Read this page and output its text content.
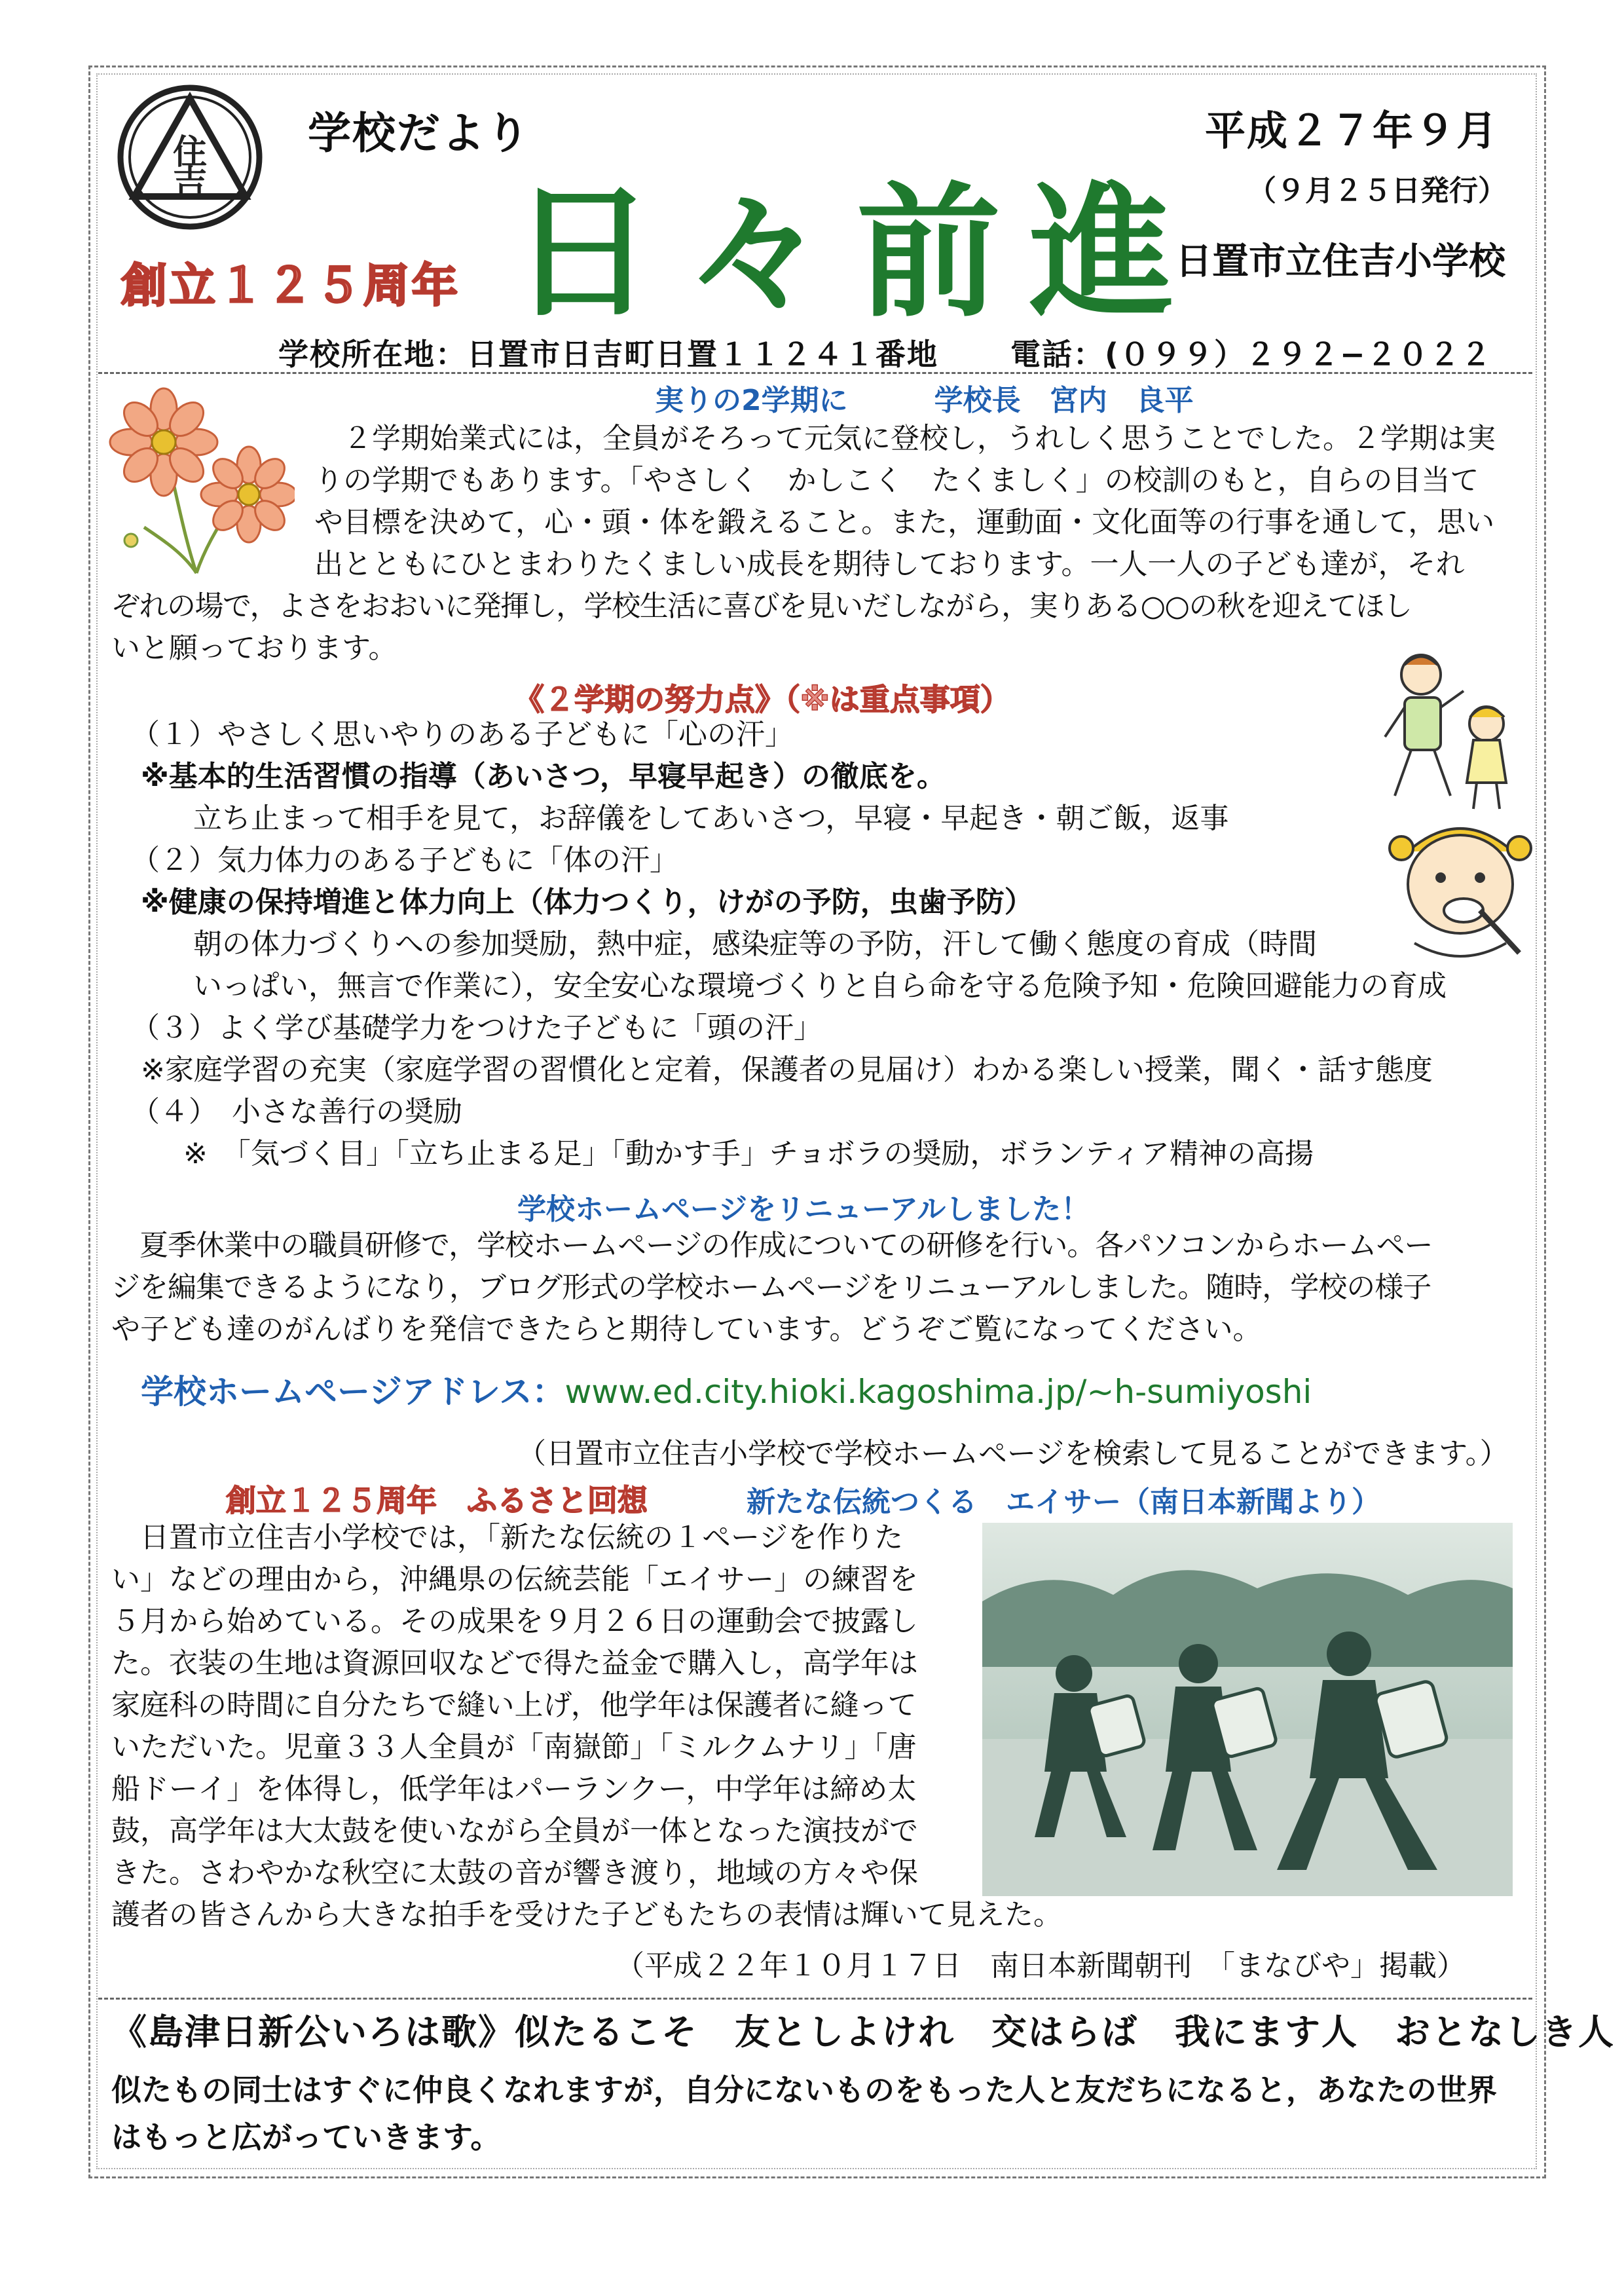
住
吉
学校だより	平成２７年９月
（９月２５日発行）
日置市立住吉小学校
創立１２５周年 日々前進
学校所在地：日置市日吉町日置１１２４１番地 電話：(０９９）２９２−２０２２
実りの2学期に　　　学校長　宮内　良平
　２学期始業式には，全員がそろって元気に登校し，うれしく思うことでした。２学期は実
りの学期でもあります。「やさしく　かしこく　たくましく」の校訓のもと，自らの目当て
や目標を決めて，心・頭・体を鍛えること。また，運動面・文化面等の行事を通して，思い
出とともにひとまわりたくましい成長を期待しております。一人一人の子ども達が，それ
ぞれの場で，よさをおおいに発揮し，学校生活に喜びを見いだしながら，実りある○○の秋を迎えてほし
いと願っております。
《２学期の努力点》（※は重点事項）
（１）やさしく思いやりのある子どもに「心の汗」
※基本的生活習慣の指導（あいさつ，早寝早起き）の徹底を。
立ち止まって相手を見て，お辞儀をしてあいさつ，早寝・早起き・朝ご飯，返事
（２）気力体力のある子どもに「体の汗」
※健康の保持増進と体力向上（体力つくり，けがの予防，虫歯予防）
朝の体力づくりへの参加奨励，熱中症，感染症等の予防，汗して働く態度の育成（時間
いっぱい，無言で作業に），安全安心な環境づくりと自ら命を守る危険予知・危険回避能力の育成
（３）よく学び基礎学力をつけた子どもに「頭の汗」
※家庭学習の充実（家庭学習の習慣化と定着，保護者の見届け）わかる楽しい授業，聞く・話す態度
（４）　小さな善行の奨励
※　「気づく目」「立ち止まる足」「動かす手」チョボラの奨励，ボランティア精神の高揚
学校ホームページをリニューアルしました！
　夏季休業中の職員研修で，学校ホームページの作成についての研修を行い。各パソコンからホームペー
ジを編集できるようになり，ブログ形式の学校ホームページをリニューアルしました。随時，学校の様子
や子ども達のがんばりを発信できたらと期待しています。どうぞご覧になってください。
学校ホームページアドレス：www.ed.city.hioki.kagoshima.jp/~h-sumiyoshi
（日置市立住吉小学校で学校ホームページを検索して見ることができます。）
創立１２５周年　ふるさと回想	新たな伝統つくる　エイサー（南日本新聞より）
　日置市立住吉小学校では，「新たな伝統の１ページを作りた
い」などの理由から，沖縄県の伝統芸能「エイサー」の練習を
５月から始めている。その成果を９月２６日の運動会で披露し
た。衣装の生地は資源回収などで得た益金で購入し，高学年は
家庭科の時間に自分たちで縫い上げ，他学年は保護者に縫って
いただいた。児童３３人全員が「南嶽節」「ミルクムナリ」「唐
船ドーイ」を体得し，低学年はパーランクー，中学年は締め太
鼓，高学年は大太鼓を使いながら全員が一体となった演技がで
きた。さわやかな秋空に太鼓の音が響き渡り，地域の方々や保
護者の皆さんから大きな拍手を受けた子どもたちの表情は輝いて見えた。
（平成２２年１０月１７日　南日本新聞朝刊　「まなびや」掲載）
《島津日新公いろは歌》似たるこそ　友としよけれ　交はらば　我にます人　おとなしき人
似たもの同士はすぐに仲良くなれますが，自分にないものをもった人と友だちになると，あなたの世界はもっと広がっていきます。
